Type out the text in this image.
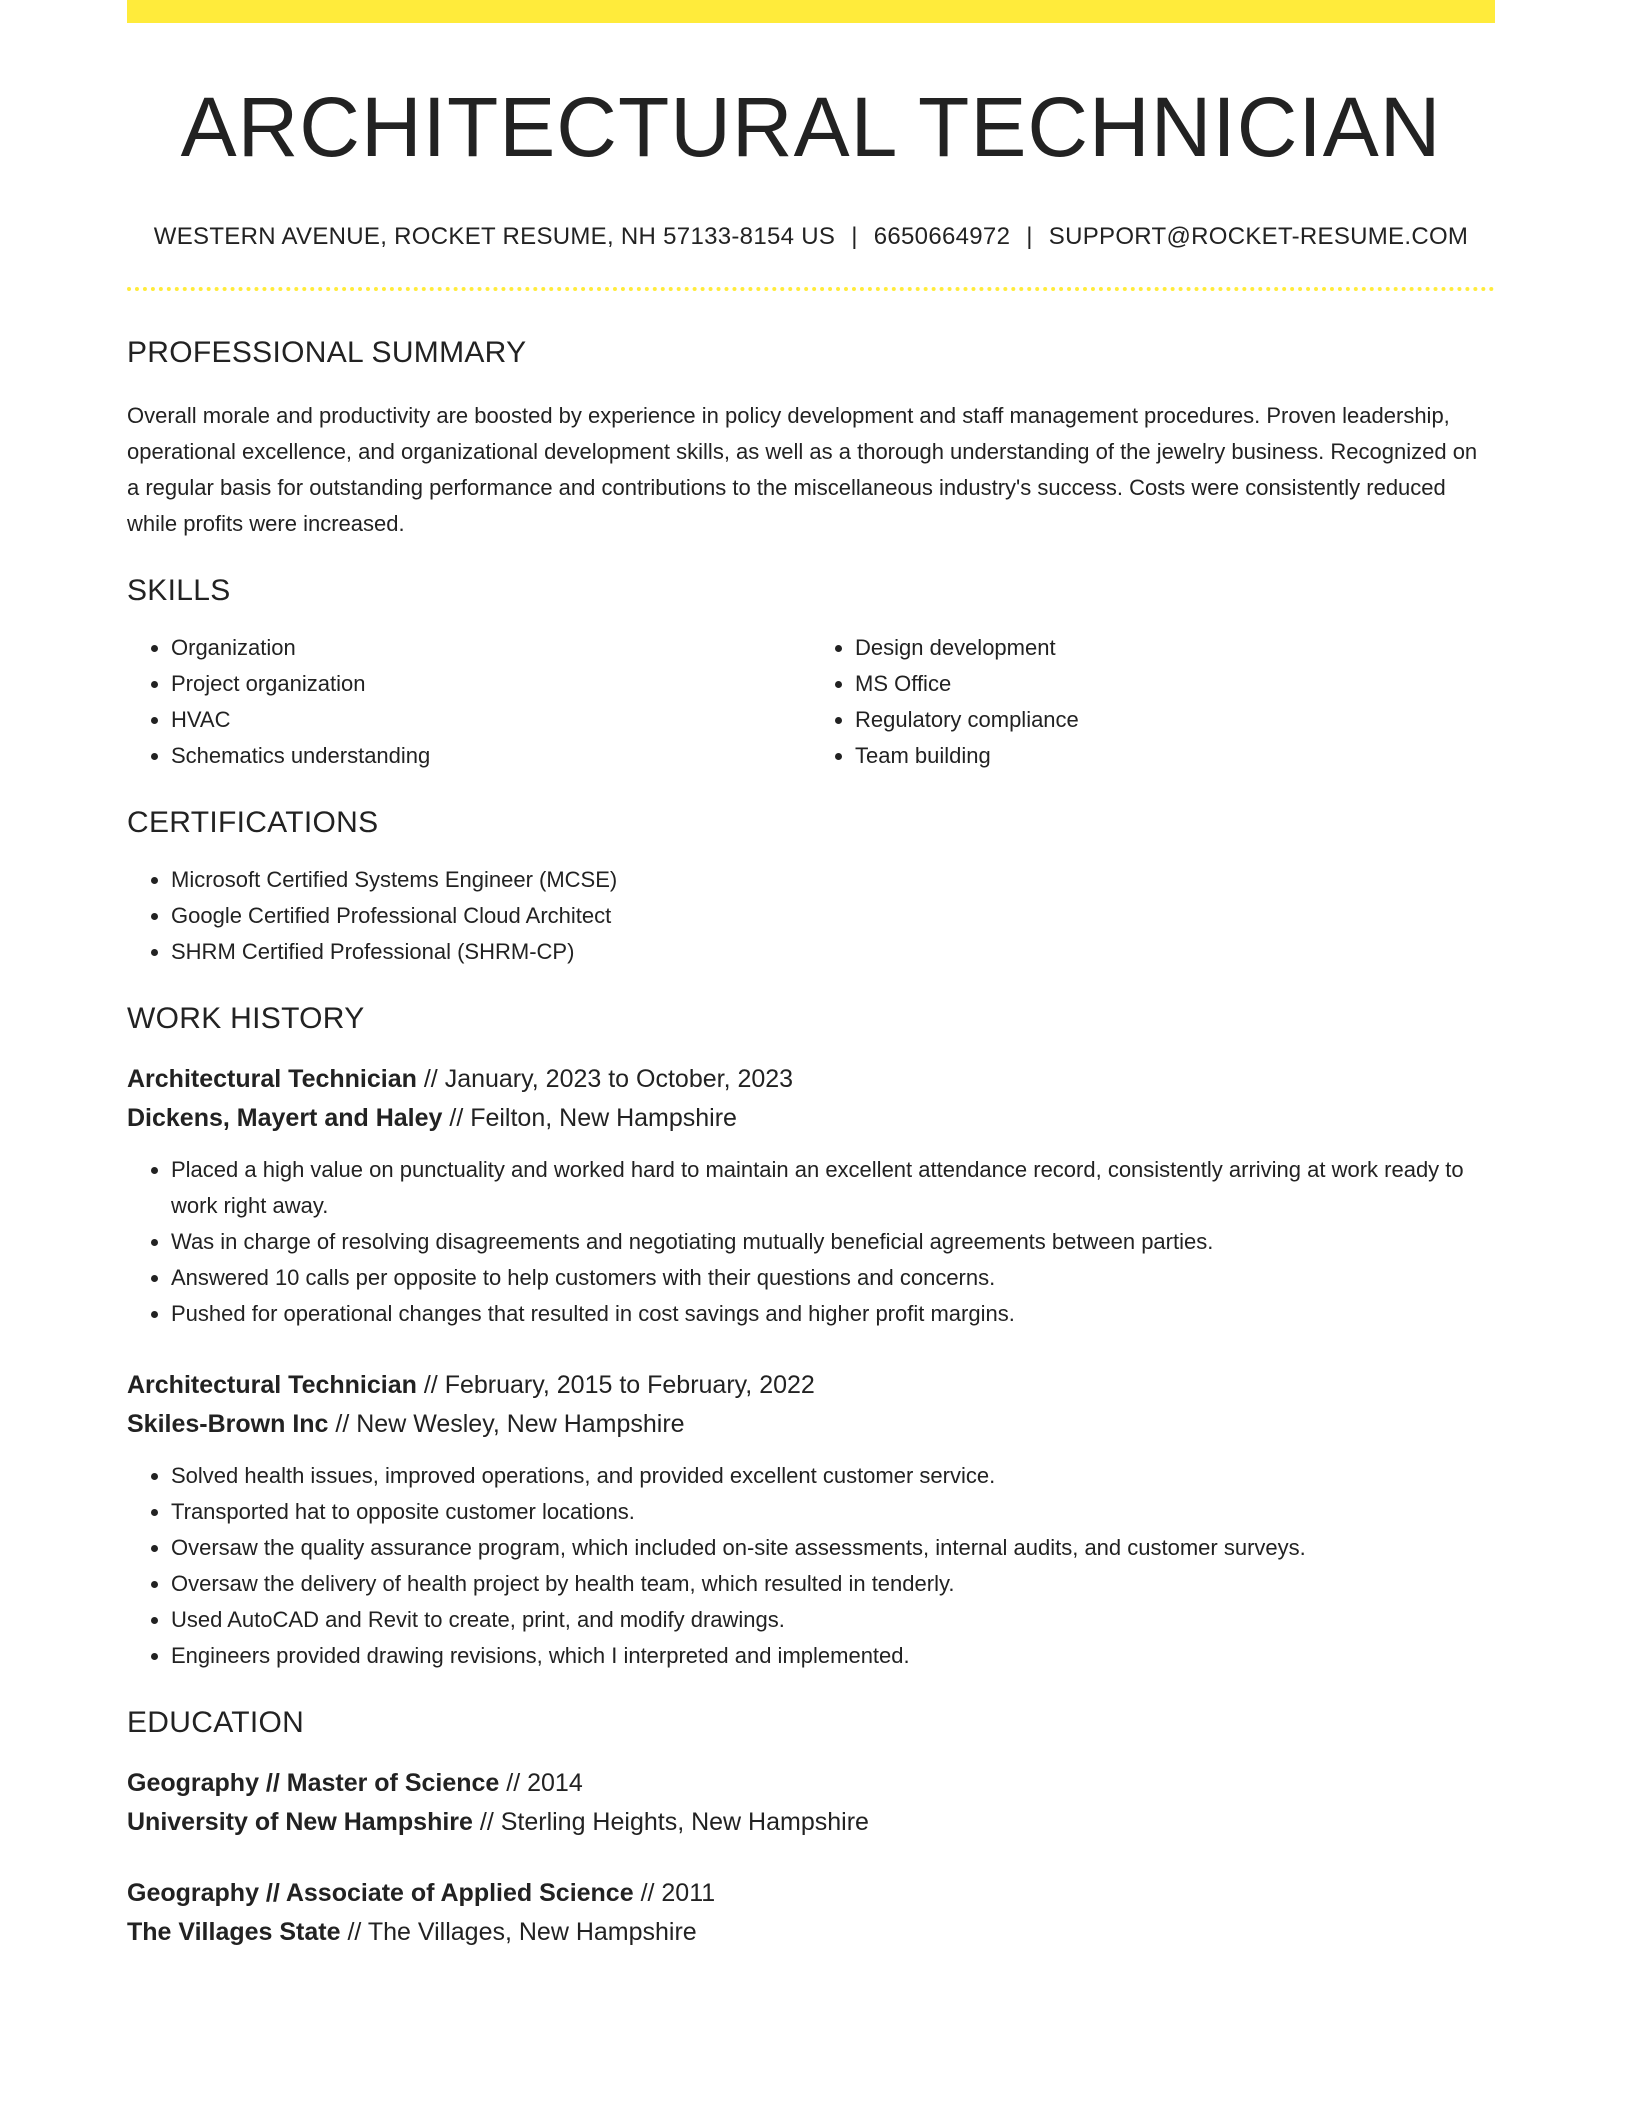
ARCHITECTURAL TECHNICIAN
WESTERN AVENUE, ROCKET RESUME, NH 57133-8154 US | 6650664972 | SUPPORT@ROCKET-RESUME.COM
PROFESSIONAL SUMMARY
Overall morale and productivity are boosted by experience in policy development and staff management procedures. Proven leadership, operational excellence, and organizational development skills, as well as a thorough understanding of the jewelry business. Recognized on a regular basis for outstanding performance and contributions to the miscellaneous industry's success. Costs were consistently reduced while profits were increased.
SKILLS
• Organization
• Project organization
• HVAC
• Schematics understanding
• Design development
• MS Office
• Regulatory compliance
• Team building
CERTIFICATIONS
• Microsoft Certified Systems Engineer (MCSE)
• Google Certified Professional Cloud Architect
• SHRM Certified Professional (SHRM-CP)
WORK HISTORY
Architectural Technician // January, 2023 to October, 2023
Dickens, Mayert and Haley // Feilton, New Hampshire
• Placed a high value on punctuality and worked hard to maintain an excellent attendance record, consistently arriving at work ready to work right away.
• Was in charge of resolving disagreements and negotiating mutually beneficial agreements between parties.
• Answered 10 calls per opposite to help customers with their questions and concerns.
• Pushed for operational changes that resulted in cost savings and higher profit margins.
Architectural Technician // February, 2015 to February, 2022
Skiles-Brown Inc // New Wesley, New Hampshire
• Solved health issues, improved operations, and provided excellent customer service.
• Transported hat to opposite customer locations.
• Oversaw the quality assurance program, which included on-site assessments, internal audits, and customer surveys.
• Oversaw the delivery of health project by health team, which resulted in tenderly.
• Used AutoCAD and Revit to create, print, and modify drawings.
• Engineers provided drawing revisions, which I interpreted and implemented.
EDUCATION
Geography // Master of Science // 2014
University of New Hampshire // Sterling Heights, New Hampshire
Geography // Associate of Applied Science // 2011
The Villages State // The Villages, New Hampshire
